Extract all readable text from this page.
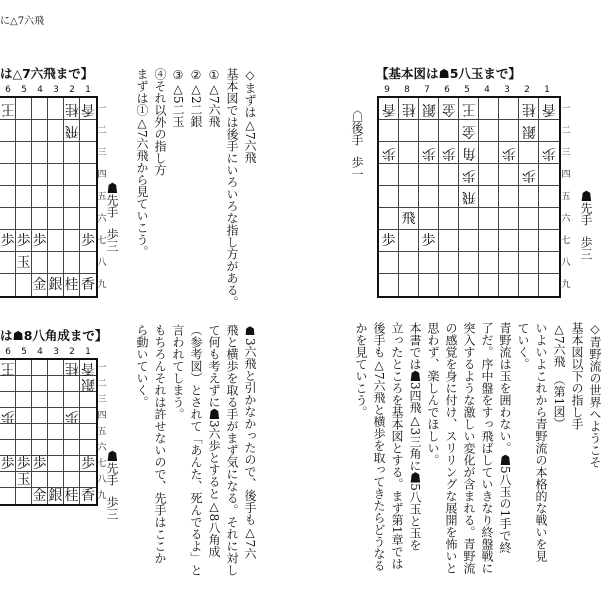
に△7六飛
は△7六飛まで】
6	5	4	3	2	1
王	桂 香
飛
歩 歩 歩 歩
玉
金 銀 桂 香
一
二
三
四
五
六
七
八
九
☗先手歩三
◇まずは△7六飛
基本図では後手にいろいろな指し方がある。
①△7六飛
②△2二銀
③△5二玉
④それ以外の指し方
まずは①△7六飛から見ていこう。	【基本図は☗5八玉まで】
9	8	7	6	5	4	3	2	1
香 桂 銀 金 王	桂 香
金	銀
歩 歩 歩 角 歩 歩
歩	歩
飛
飛
歩 歩
一
二
三
四
五
六
七
八
九
☖後手歩一
☗先手歩三
◇青野流の世界へようこそ
基本図以下の指し手
△7六飛　（第1図）
いよいよこれから青野流の本格的な戦いを見
ていく。
青野流は玉を囲わない。☗5八玉の1手で終
了だ。序中盤をすっ飛ばしていきなり終盤戦に
突入するような激しい変化が含まれる。青野流
の感覚を身に付け、スリリングな展開を怖いと
思わず、楽しんでほしい。
本書では☗3四飛△3三角に☗5八玉と玉を
立ったところを基本図とする。まず第1章では
後手も△7六飛と横歩を取ってきたらどうなる
かを見ていこう。
は☗8八角成まで】
6	5	4	3	2	1
王	桂 香
銀
歩	歩
歩 歩 歩 歩
玉
金 銀 桂 香
一
二
三
四
五
六
七
八
九
☗先手歩三	☗3六飛と引かなかったので、後手も△7六
飛と横歩を取る手がまず気になる。それに対し
て何も考えずに☗3六歩とすると△8八角成
（参考図）とされて「あんた、死んでるよ」と
言われてしまう。
もちろんそれは許せないので、先手はここか
ら動いていく。
